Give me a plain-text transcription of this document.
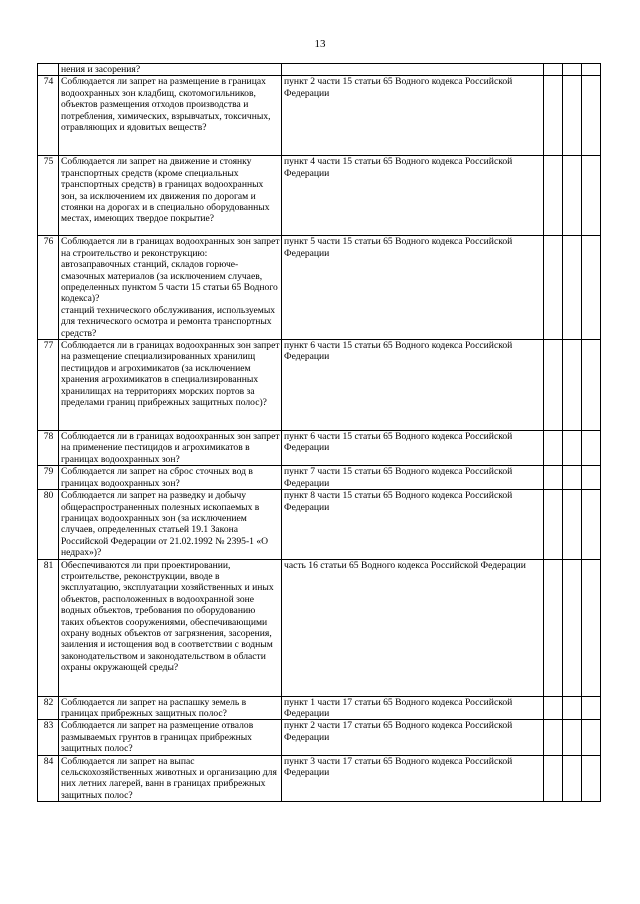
13

	нения и засорения?				

74	Соблюдается ли запрет на размещение в границах водоохранных зон кладбищ, скотомогильников, объектов размещения отходов производства и потребления, химических, взрывчатых, токсичных, отравляющих и ядовитых веществ?	пункт 2 части 15 статьи 65 Водного кодекса Российской Федерации			
75	Соблюдается ли запрет на движение и стоянку транспортных средств (кроме специальных транспортных средств) в границах водоохранных зон, за исключением их движения по дорогам и стоянки на дорогах и в специально оборудованных местах, имеющих твердое покрытие?	пункт 4 части 15 статьи 65 Водного кодекса Российской Федерации			
76	Соблюдается ли в границах водоохранных зон запрет на строительство и реконструкцию:

автозаправочных станций, складов горюче-смазочных материалов (за исключением случаев, определенных пунктом 5 части 15 статьи 65 Водного кодекса)?

станций технического обслуживания, используемых для технического осмотра и ремонта транспортных средств?	пункт 5 части 15 статьи 65 Водного кодекса Российской Федерации			
77	Соблюдается ли в границах водоохранных зон запрет на размещение специализированных хранилищ пестицидов и агрохимикатов (за исключением хранения агрохимикатов в специализированных хранилищах на территориях морских портов за пределами границ прибрежных защитных полос)?	пункт 6 части 15 статьи 65 Водного кодекса Российской Федерации			
78	Соблюдается ли в границах водоохранных зон запрет на применение пестицидов и агрохимикатов в границах водоохранных зон?	пункт 6 части 15 статьи 65 Водного кодекса Российской Федерации			
79	Соблюдается ли запрет на сброс сточных вод в границах водоохранных зон?	пункт 7 части 15 статьи 65 Водного кодекса Российской Федерации			
80	Соблюдается ли запрет на разведку и добычу общераспространенных полезных ископаемых в границах водоохранных зон (за исключением случаев, определенных статьей 19.1 Закона Российской Федерации от 21.02.1992 № 2395-1 «О недрах»)?	пункт 8 части 15 статьи 65 Водного кодекса Российской Федерации			
81	Обеспечиваются ли при проектировании, строительстве, реконструкции, вводе в эксплуатацию, эксплуатации хозяйственных и иных объектов, расположенных в водоохранной зоне водных объектов, требования по оборудованию таких объектов сооружениями, обеспечивающими охрану водных объектов от загрязнения, засорения, заиления и истощения вод в соответствии с водным законодательством и законодательством в области охраны окружающей среды?	часть 16 статьи 65 Водного кодекса Российской Федерации			
82	Соблюдается ли запрет на распашку земель в границах прибрежных защитных полос?	пункт 1 части 17 статьи 65 Водного кодекса Российской Федерации			
83	Соблюдается ли запрет на размещение отвалов размываемых грунтов в границах прибрежных защитных полос?	пункт 2 части 17 статьи 65 Водного кодекса Российской Федерации			
84	Соблюдается ли запрет на выпас сельскохозяйственных животных и организацию для них летних лагерей, ванн в границах прибрежных защитных полос?	пункт 3 части 17 статьи 65 Водного кодекса Российской Федерации			
